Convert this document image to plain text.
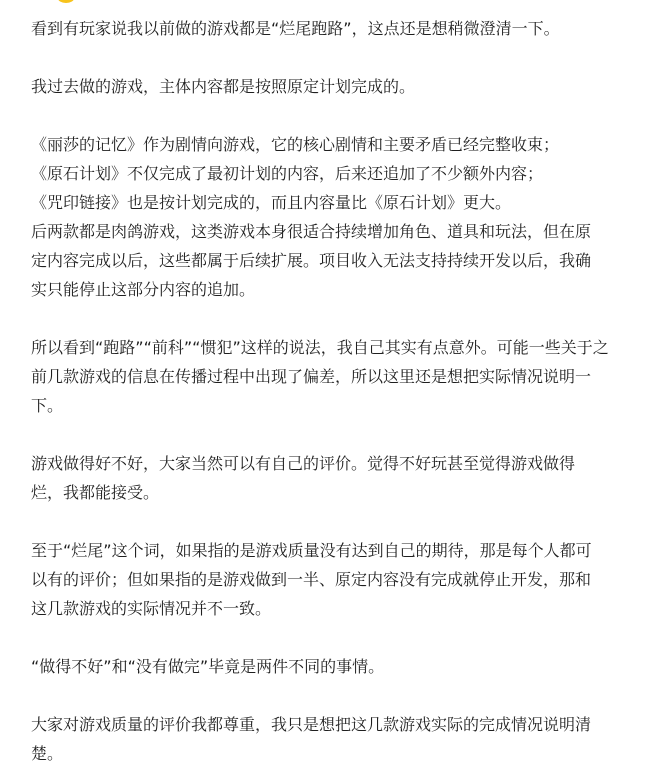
看到有玩家说我以前做的游戏都是“烂尾跑路”，这点还是想稍微澄清一下。

我过去做的游戏，主体内容都是按照原定计划完成的。

《丽莎的记忆》作为剧情向游戏，它的核心剧情和主要矛盾已经完整收束；
《原石计划》不仅完成了最初计划的内容，后来还追加了不少额外内容；
《咒印链接》也是按计划完成的，而且内容量比《原石计划》更大。
后两款都是肉鸽游戏，这类游戏本身很适合持续增加角色、道具和玩法，但在原
定内容完成以后，这些都属于后续扩展。项目收入无法支持持续开发以后，我确
实只能停止这部分内容的追加。

所以看到“跑路”“前科”“惯犯”这样的说法，我自己其实有点意外。可能一些关于之
前几款游戏的信息在传播过程中出现了偏差，所以这里还是想把实际情况说明一
下。

游戏做得好不好，大家当然可以有自己的评价。觉得不好玩甚至觉得游戏做得
烂，我都能接受。

至于“烂尾”这个词，如果指的是游戏质量没有达到自己的期待，那是每个人都可
以有的评价；但如果指的是游戏做到一半、原定内容没有完成就停止开发，那和
这几款游戏的实际情况并不一致。

“做得不好”和“没有做完”毕竟是两件不同的事情。

大家对游戏质量的评价我都尊重，我只是想把这几款游戏实际的完成情况说明清
楚。
